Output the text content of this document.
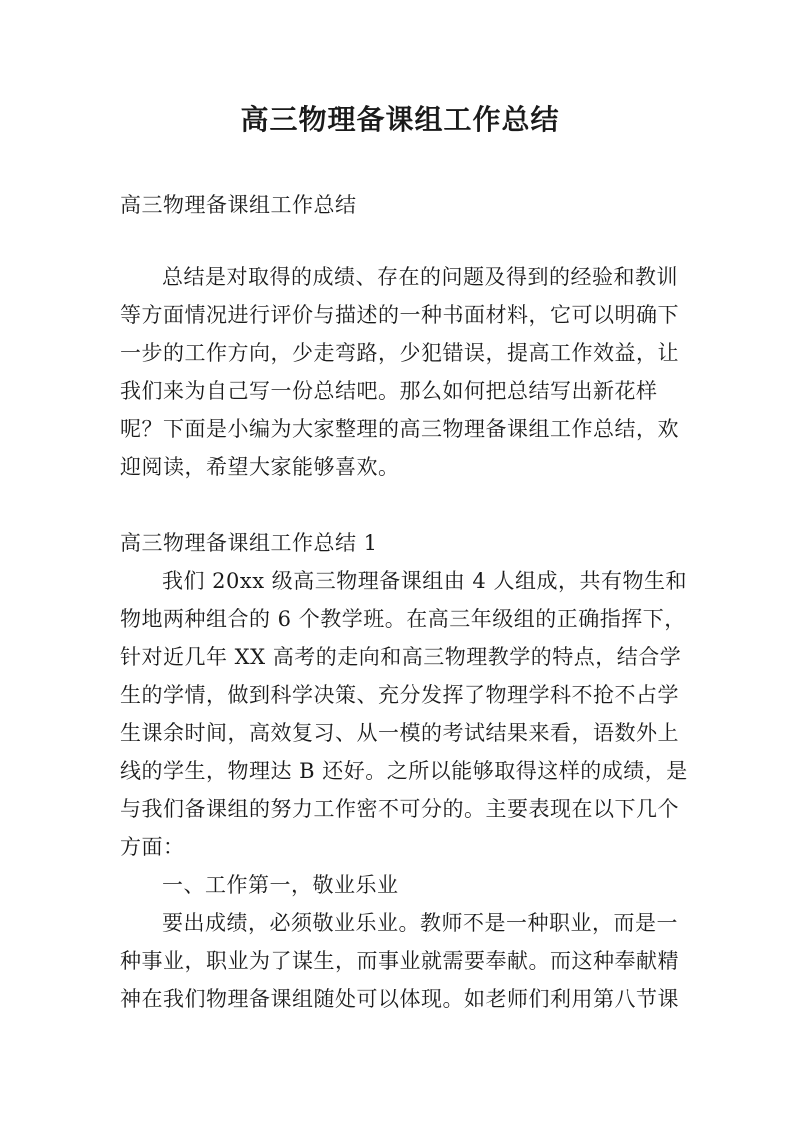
高三物理备课组工作总结
高三物理备课组工作总结
总结是对取得的成绩、存在的问题及得到的经验和教训
等方面情况进行评价与描述的一种书面材料，它可以明确下
一步的工作方向，少走弯路，少犯错误，提高工作效益，让
我们来为自己写一份总结吧。那么如何把总结写出新花样
呢？下面是小编为大家整理的高三物理备课组工作总结，欢
迎阅读，希望大家能够喜欢。
高三物理备课组工作总结 1
我们 20xx 级高三物理备课组由 4 人组成，共有物生和
物地两种组合的 6 个教学班。在高三年级组的正确指挥下，
针对近几年 XX 高考的走向和高三物理教学的特点，结合学
生的学情，做到科学决策、充分发挥了物理学科不抢不占学
生课余时间，高效复习、从一模的考试结果来看，语数外上
线的学生，物理达 B 还好。之所以能够取得这样的成绩，是
与我们备课组的努力工作密不可分的。主要表现在以下几个
方面：
一、工作第一，敬业乐业
要出成绩，必须敬业乐业。教师不是一种职业，而是一
种事业，职业为了谋生，而事业就需要奉献。而这种奉献精
神在我们物理备课组随处可以体现。如老师们利用第八节课
